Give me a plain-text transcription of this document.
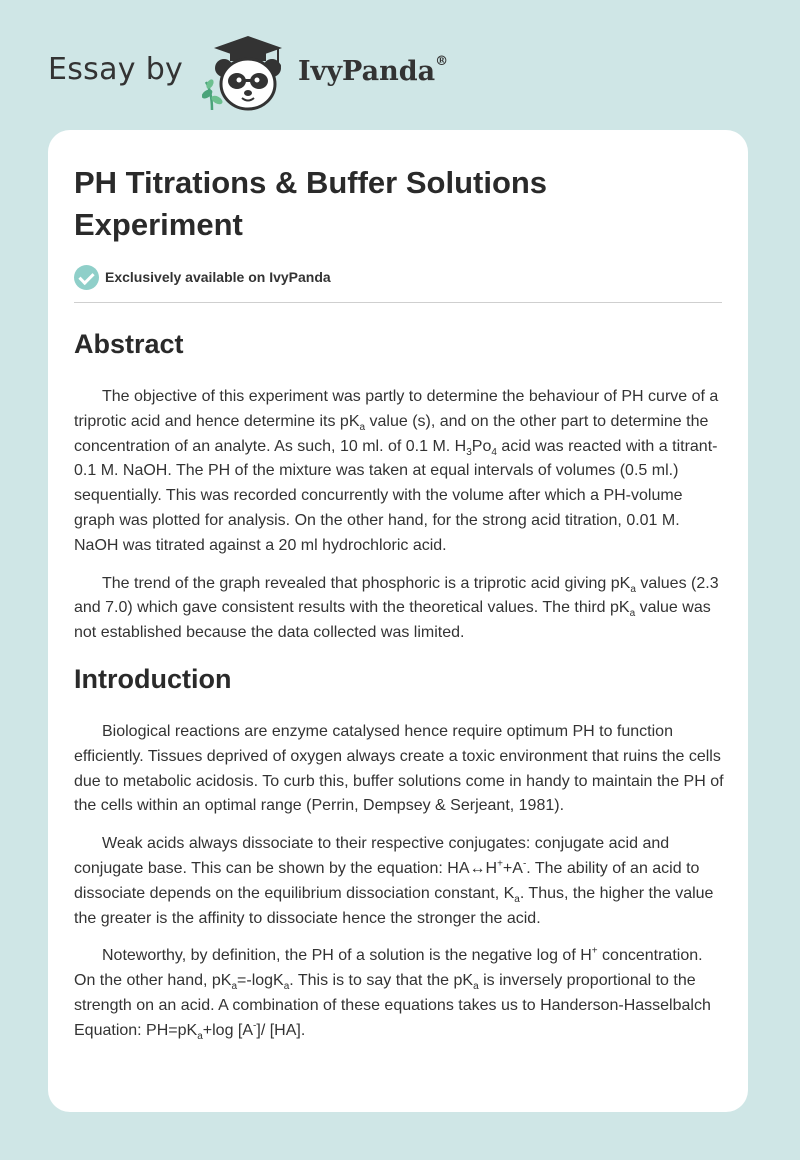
Essay by	IvyPanda®
PH Titrations & Buffer Solutions Experiment
Exclusively available on IvyPanda
Abstract

The objective of this experiment was partly to determine the behaviour of PH curve of a triprotic acid and hence determine its $pK_a$ value (s), and on the other part to determine the concentration of an analyte. As such, 10 ml. of 0.1 M. $H_3Po_4$ acid was reacted with a titrant- 0.1 M. NaOH. The PH of the mixture was taken at equal intervals of volumes (0.5 ml.) sequentially. This was recorded concurrently with the volume after which a PH-volume graph was plotted for analysis. On the other hand, for the strong acid titration, 0.01 M. NaOH was titrated against a 20 ml hydrochloric acid.

The trend of the graph revealed that phosphoric is a triprotic acid giving $pK_a$ values (2.3 and 7.0) which gave consistent results with the theoretical values. The third $pK_a$ value was not established because the data collected was limited.

Introduction

Biological reactions are enzyme catalysed hence require optimum PH to function efficiently. Tissues deprived of oxygen always create a toxic environment that ruins the cells due to metabolic acidosis. To curb this, buffer solutions come in handy to maintain the PH of the cells within an optimal range (Perrin, Dempsey & Serjeant, 1981).

Weak acids always dissociate to their respective conjugates: conjugate acid and conjugate base. This can be shown by the equation: HA↔H++A-. The ability of an acid to dissociate depends on the equilibrium dissociation constant, $K_a$. Thus, the higher the value the greater is the affinity to dissociate hence the stronger the acid.

Noteworthy, by definition, the PH of a solution is the negative log of H+ concentration. On the other hand, $pK_a=-\log K_a$. This is to say that the $pK_a$ is inversely proportional to the strength on an acid. A combination of these equations takes us to Handerson-Hasselbalch Equation: $PH=pK_a+\log$ [A-]/ [HA].
